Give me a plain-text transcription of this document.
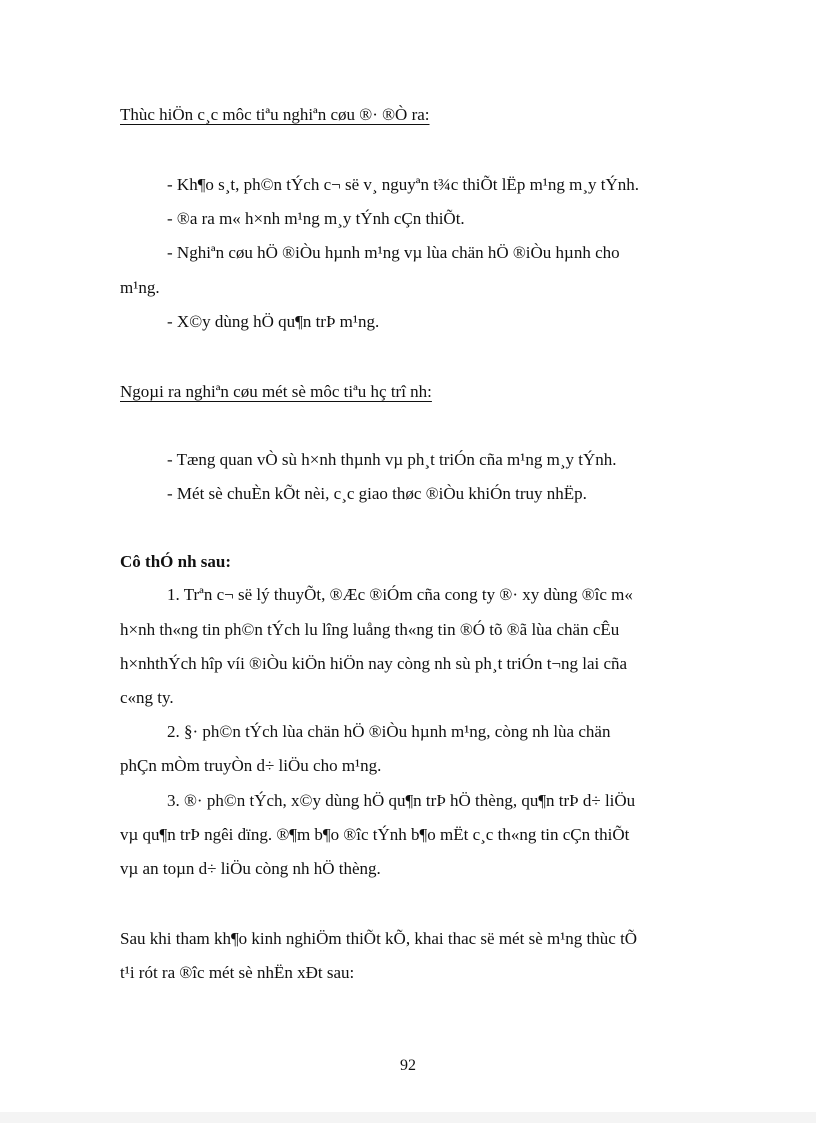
Thùc hiÖn c¸c môc tiªu nghiªn cøu ®· ®Ò ra:
- Kh¶o s¸t, ph©n tÝch c¬ së v¸ nguyªn t¾c thiÕt lËp m¹ng m¸y tÝnh.
- ®a ra m« h×nh m¹ng m¸y tÝnh cÇn thiÕt.
- Nghiªn cøu hÖ ®iÒu hµnh m¹ng vµ lùa chän hÖ ®iÒu hµnh cho
m¹ng.
- X©y dùng hÖ qu¶n trÞ m¹ng.
Ngoµi ra nghiªn cøu mét sè môc tiªu hç trî nh:
- Tæng quan vÒ sù h×nh thµnh vµ ph¸t triÓn cña m¹ng m¸y tÝnh.
- Mét sè chuÈn kÕt nèi, c¸c giao thøc ®iÒu khiÓn truy nhËp.
Cô thÓ nh sau:
1. Trªn c¬ së lý thuyÕt, ®Æc ®iÓm cña cong ty ®· xy dùng ®îc m«
h×nh th«ng tin ph©n tÝch lu lîng luång th«ng tin ®Ó tõ ®ã lùa chän cÊu
h×nhthÝch hîp víi ®iÒu kiÖn hiÖn nay còng nh sù ph¸t triÓn t¬ng lai cña
c«ng ty.
2. §· ph©n tÝch lùa chän hÖ ®iÒu hµnh m¹ng, còng nh lùa chän
phÇn mÒm truyÒn d÷ liÖu cho m¹ng.
3. ®· ph©n tÝch, x©y dùng hÖ qu¶n trÞ hÖ thèng, qu¶n trÞ d÷ liÖu
vµ qu¶n trÞ ngêi dïng. ®¶m b¶o ®îc tÝnh b¶o mËt c¸c th«ng tin cÇn thiÕt
vµ an toµn d÷ liÖu còng nh hÖ thèng.
Sau khi tham kh¶o kinh nghiÖm thiÕt kÕ, khai thac së mét sè m¹ng thùc tÕ
t¹i rót ra ®îc mét sè nhËn xÐt sau:
92
